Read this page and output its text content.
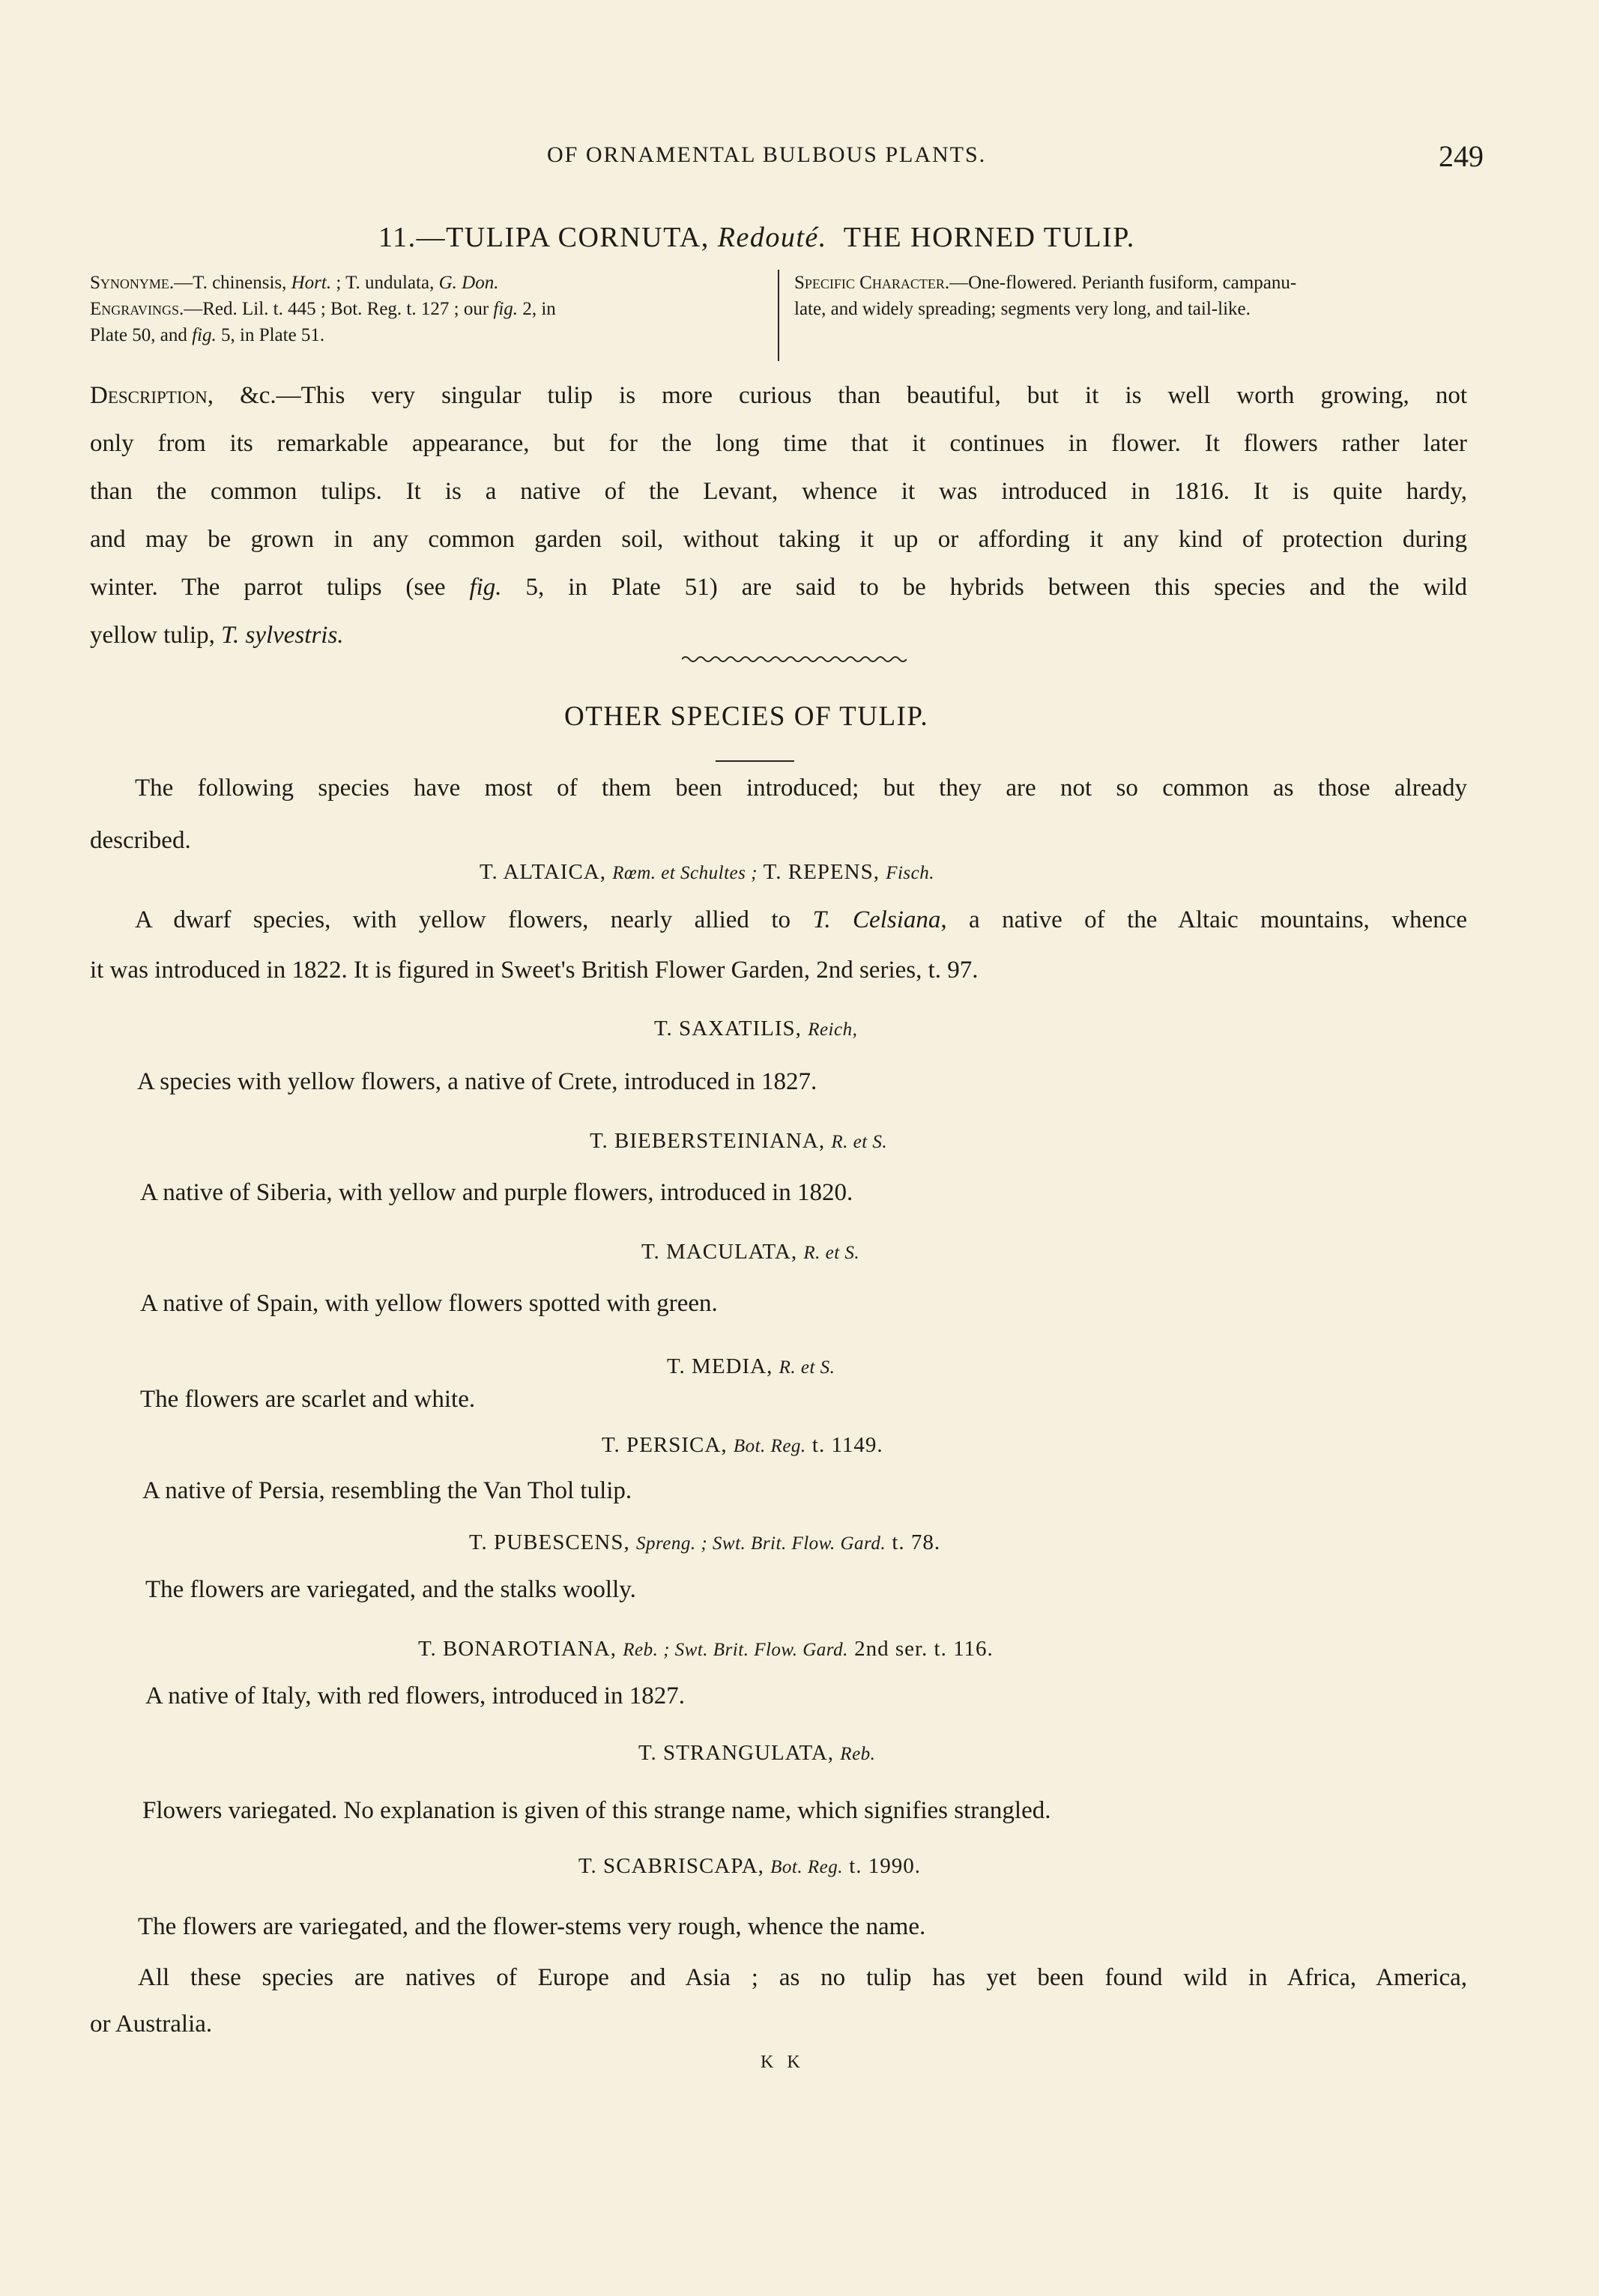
OF ORNAMENTAL BULBOUS PLANTS.	249
11.—TULIPA CORNUTA, Redouté. THE HORNED TULIP.
Synonyme.—T. chinensis, Hort. ; T. undulata, G. Don.
Engravings.—Red. Lil. t. 445 ; Bot. Reg. t. 127 ; our fig. 2, in
Plate 50, and fig. 5, in Plate 51.
Specific Character.—One-flowered. Perianth fusiform, campanu-
late, and widely spreading; segments very long, and tail-like.
Description, &c.—This very singular tulip is more curious than beautiful, but it is well worth growing, not
only from its remarkable appearance, but for the long time that it continues in flower. It flowers rather later
than the common tulips. It is a native of the Levant, whence it was introduced in 1816. It is quite hardy,
and may be grown in any common garden soil, without taking it up or affording it any kind of protection during
winter. The parrot tulips (see fig. 5, in Plate 51) are said to be hybrids between this species and the wild
yellow tulip, T. sylvestris.
OTHER SPECIES OF TULIP.
The following species have most of them been introduced; but they are not so common as those already
described.
T. ALTAICA, Rœm. et Schultes ; T. REPENS, Fisch.
A dwarf species, with yellow flowers, nearly allied to T. Celsiana, a native of the Altaic mountains, whence
it was introduced in 1822. It is figured in Sweet's British Flower Garden, 2nd series, t. 97.
T. SAXATILIS, Reich,
A species with yellow flowers, a native of Crete, introduced in 1827.
T. BIEBERSTEINIANA, R. et S.
A native of Siberia, with yellow and purple flowers, introduced in 1820.
T. MACULATA, R. et S.
A native of Spain, with yellow flowers spotted with green.
T. MEDIA, R. et S.
The flowers are scarlet and white.
T. PERSICA, Bot. Reg. t. 1149.
A native of Persia, resembling the Van Thol tulip.
T. PUBESCENS, Spreng. ; Swt. Brit. Flow. Gard. t. 78.
The flowers are variegated, and the stalks woolly.
T. BONAROTIANA, Reb. ; Swt. Brit. Flow. Gard. 2nd ser. t. 116.
A native of Italy, with red flowers, introduced in 1827.
T. STRANGULATA, Reb.
Flowers variegated. No explanation is given of this strange name, which signifies strangled.
T. SCABRISCAPA, Bot. Reg. t. 1990.
The flowers are variegated, and the flower-stems very rough, whence the name.
All these species are natives of Europe and Asia ; as no tulip has yet been found wild in Africa, America,
or Australia.
K K
